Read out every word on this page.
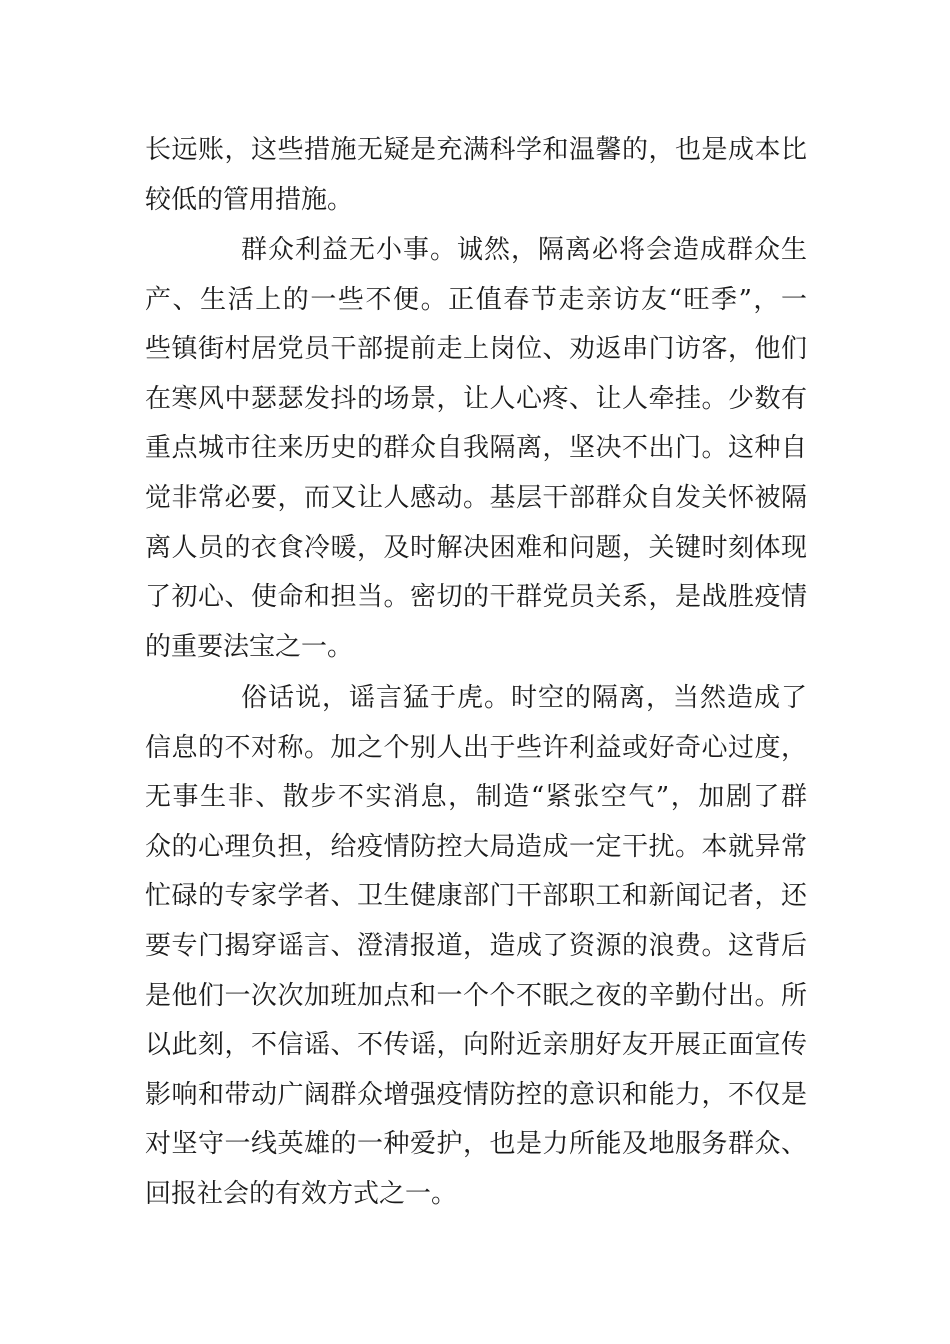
长远账，这些措施无疑是充满科学和温馨的，也是成本比
较低的管用措施。
群众利益无小事。诚然，隔离必将会造成群众生
产、生活上的一些不便。正值春节走亲访友“旺季”，一
些镇街村居党员干部提前走上岗位、劝返串门访客，他们
在寒风中瑟瑟发抖的场景，让人心疼、让人牵挂。少数有
重点城市往来历史的群众自我隔离，坚决不出门。这种自
觉非常必要，而又让人感动。基层干部群众自发关怀被隔
离人员的衣食冷暖，及时解决困难和问题，关键时刻体现
了初心、使命和担当。密切的干群党员关系，是战胜疫情
的重要法宝之一。
俗话说，谣言猛于虎。时空的隔离，当然造成了
信息的不对称。加之个别人出于些许利益或好奇心过度，
无事生非、散步不实消息，制造“紧张空气”，加剧了群
众的心理负担，给疫情防控大局造成一定干扰。本就异常
忙碌的专家学者、卫生健康部门干部职工和新闻记者，还
要专门揭穿谣言、澄清报道，造成了资源的浪费。这背后
是他们一次次加班加点和一个个不眠之夜的辛勤付出。所
以此刻，不信谣、不传谣，向附近亲朋好友开展正面宣传
影响和带动广阔群众增强疫情防控的意识和能力，不仅是
对坚守一线英雄的一种爱护，也是力所能及地服务群众、
回报社会的有效方式之一。
